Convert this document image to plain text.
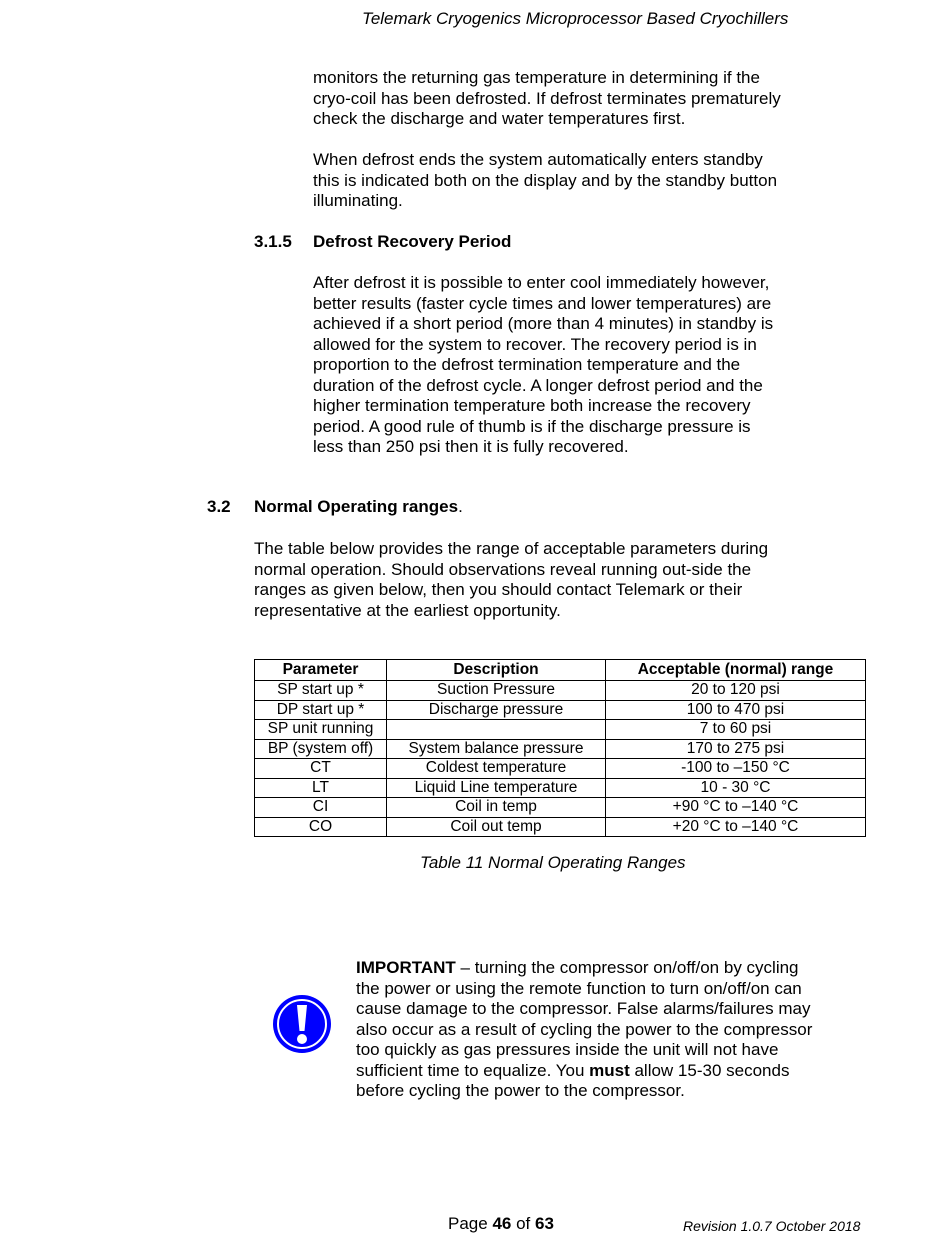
Telemark Cryogenics Microprocessor Based Cryochillers

monitors the returning gas temperature in determining if the
cryo-coil has been defrosted. If defrost terminates prematurely
check the discharge and water temperatures first.

When defrost ends the system automatically enters standby
this is indicated both on the display and by the standby button
illuminating.

3.1.5 Defrost Recovery Period

After defrost it is possible to enter cool immediately however,
better results (faster cycle times and lower temperatures) are
achieved if a short period (more than 4 minutes) in standby is
allowed for the system to recover. The recovery period is in
proportion to the defrost termination temperature and the
duration of the defrost cycle. A longer defrost period and the
higher termination temperature both increase the recovery
period. A good rule of thumb is if the discharge pressure is
less than 250 psi then it is fully recovered.

3.2 Normal Operating ranges.

The table below provides the range of acceptable parameters during
normal operation. Should observations reveal running out-side the
ranges as given below, then you should contact Telemark or their
representative at the earliest opportunity.

Parameter	Description	Acceptable (normal) range
SP start up *	Suction Pressure	20 to 120 psi
DP start up *	Discharge pressure	100 to 470 psi
SP unit running		7 to 60 psi
BP (system off)	System balance pressure	170 to 275 psi
CT	Coldest temperature	-100 to –150 °C
LT	Liquid Line temperature	10 - 30 °C
CI	Coil in temp	+90 °C to –140 °C
CO	Coil out temp	+20 °C to –140 °C
Table 11 Normal Operating Ranges

IMPORTANT – turning the compressor on/off/on by cycling the power or using the remote function to turn on/off/on can cause damage to the compressor. False alarms/failures may also occur as a result of cycling the power to the compressor too quickly as gas pressures inside the unit will not have sufficient time to equalize. You must allow 15-30 seconds before cycling the power to the compressor.

Page 46 of 63	Revision 1.0.7 October 2018
